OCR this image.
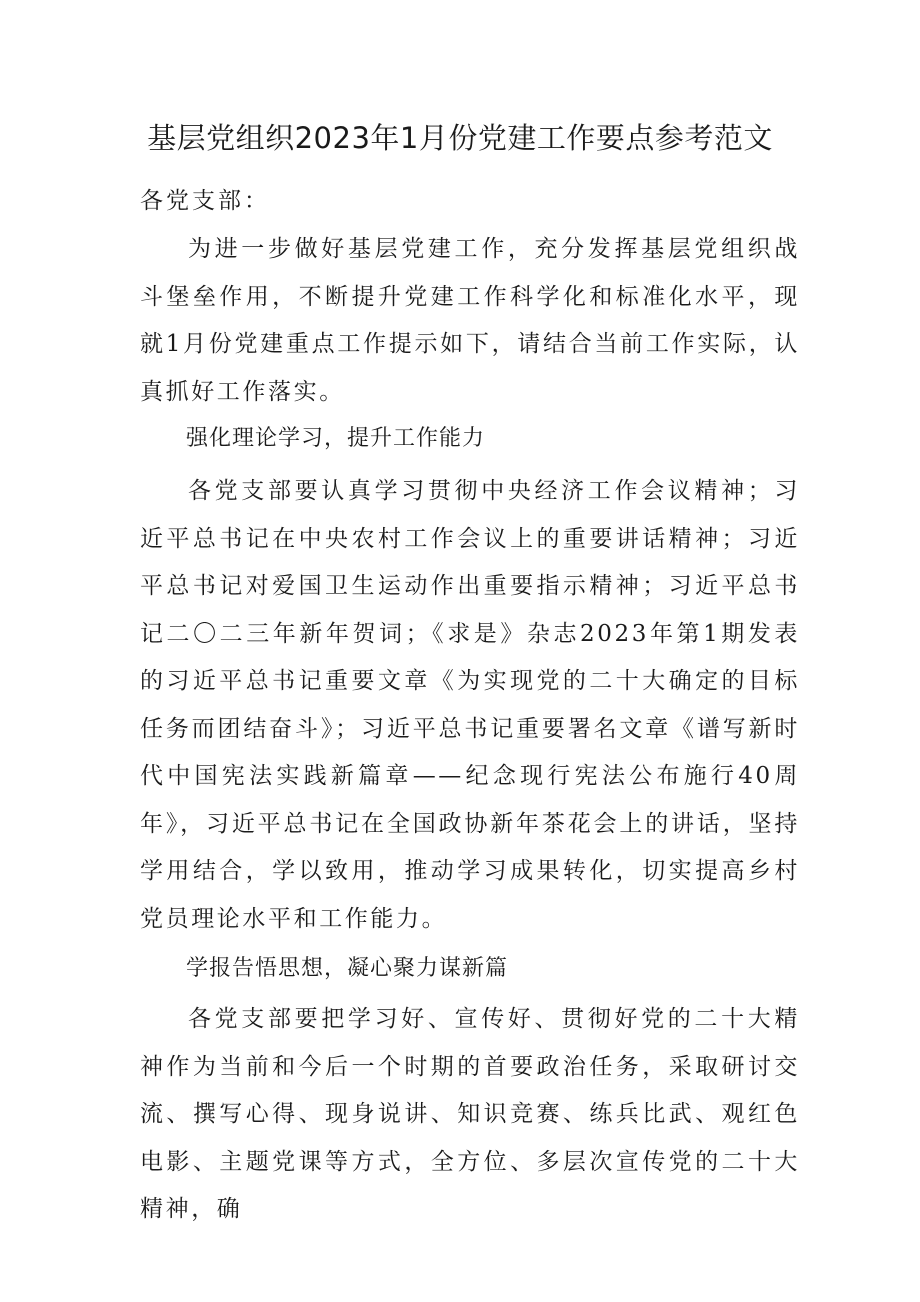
基层党组织2023年1月份党建工作要点参考范文

各党支部：

为进一步做好基层党建工作，充分发挥基层党组织战斗堡垒作用，不断提升党建工作科学化和标准化水平，现就1月份党建重点工作提示如下，请结合当前工作实际，认真抓好工作落实。

强化理论学习，提升工作能力

各党支部要认真学习贯彻中央经济工作会议精神；习近平总书记在中央农村工作会议上的重要讲话精神；习近平总书记对爱国卫生运动作出重要指示精神；习近平总书记二〇二三年新年贺词；《求是》杂志2023年第1期发表的习近平总书记重要文章《为实现党的二十大确定的目标任务而团结奋斗》；习近平总书记重要署名文章《谱写新时代中国宪法实践新篇章——纪念现行宪法公布施行40周年》，习近平总书记在全国政协新年茶花会上的讲话，坚持学用结合，学以致用，推动学习成果转化，切实提高乡村党员理论水平和工作能力。

学报告悟思想，凝心聚力谋新篇

各党支部要把学习好、宣传好、贯彻好党的二十大精神作为当前和今后一个时期的首要政治任务，采取研讨交流、撰写心得、现身说讲、知识竞赛、练兵比武、观红色电影、主题党课等方式，全方位、多层次宣传党的二十大精神，确
